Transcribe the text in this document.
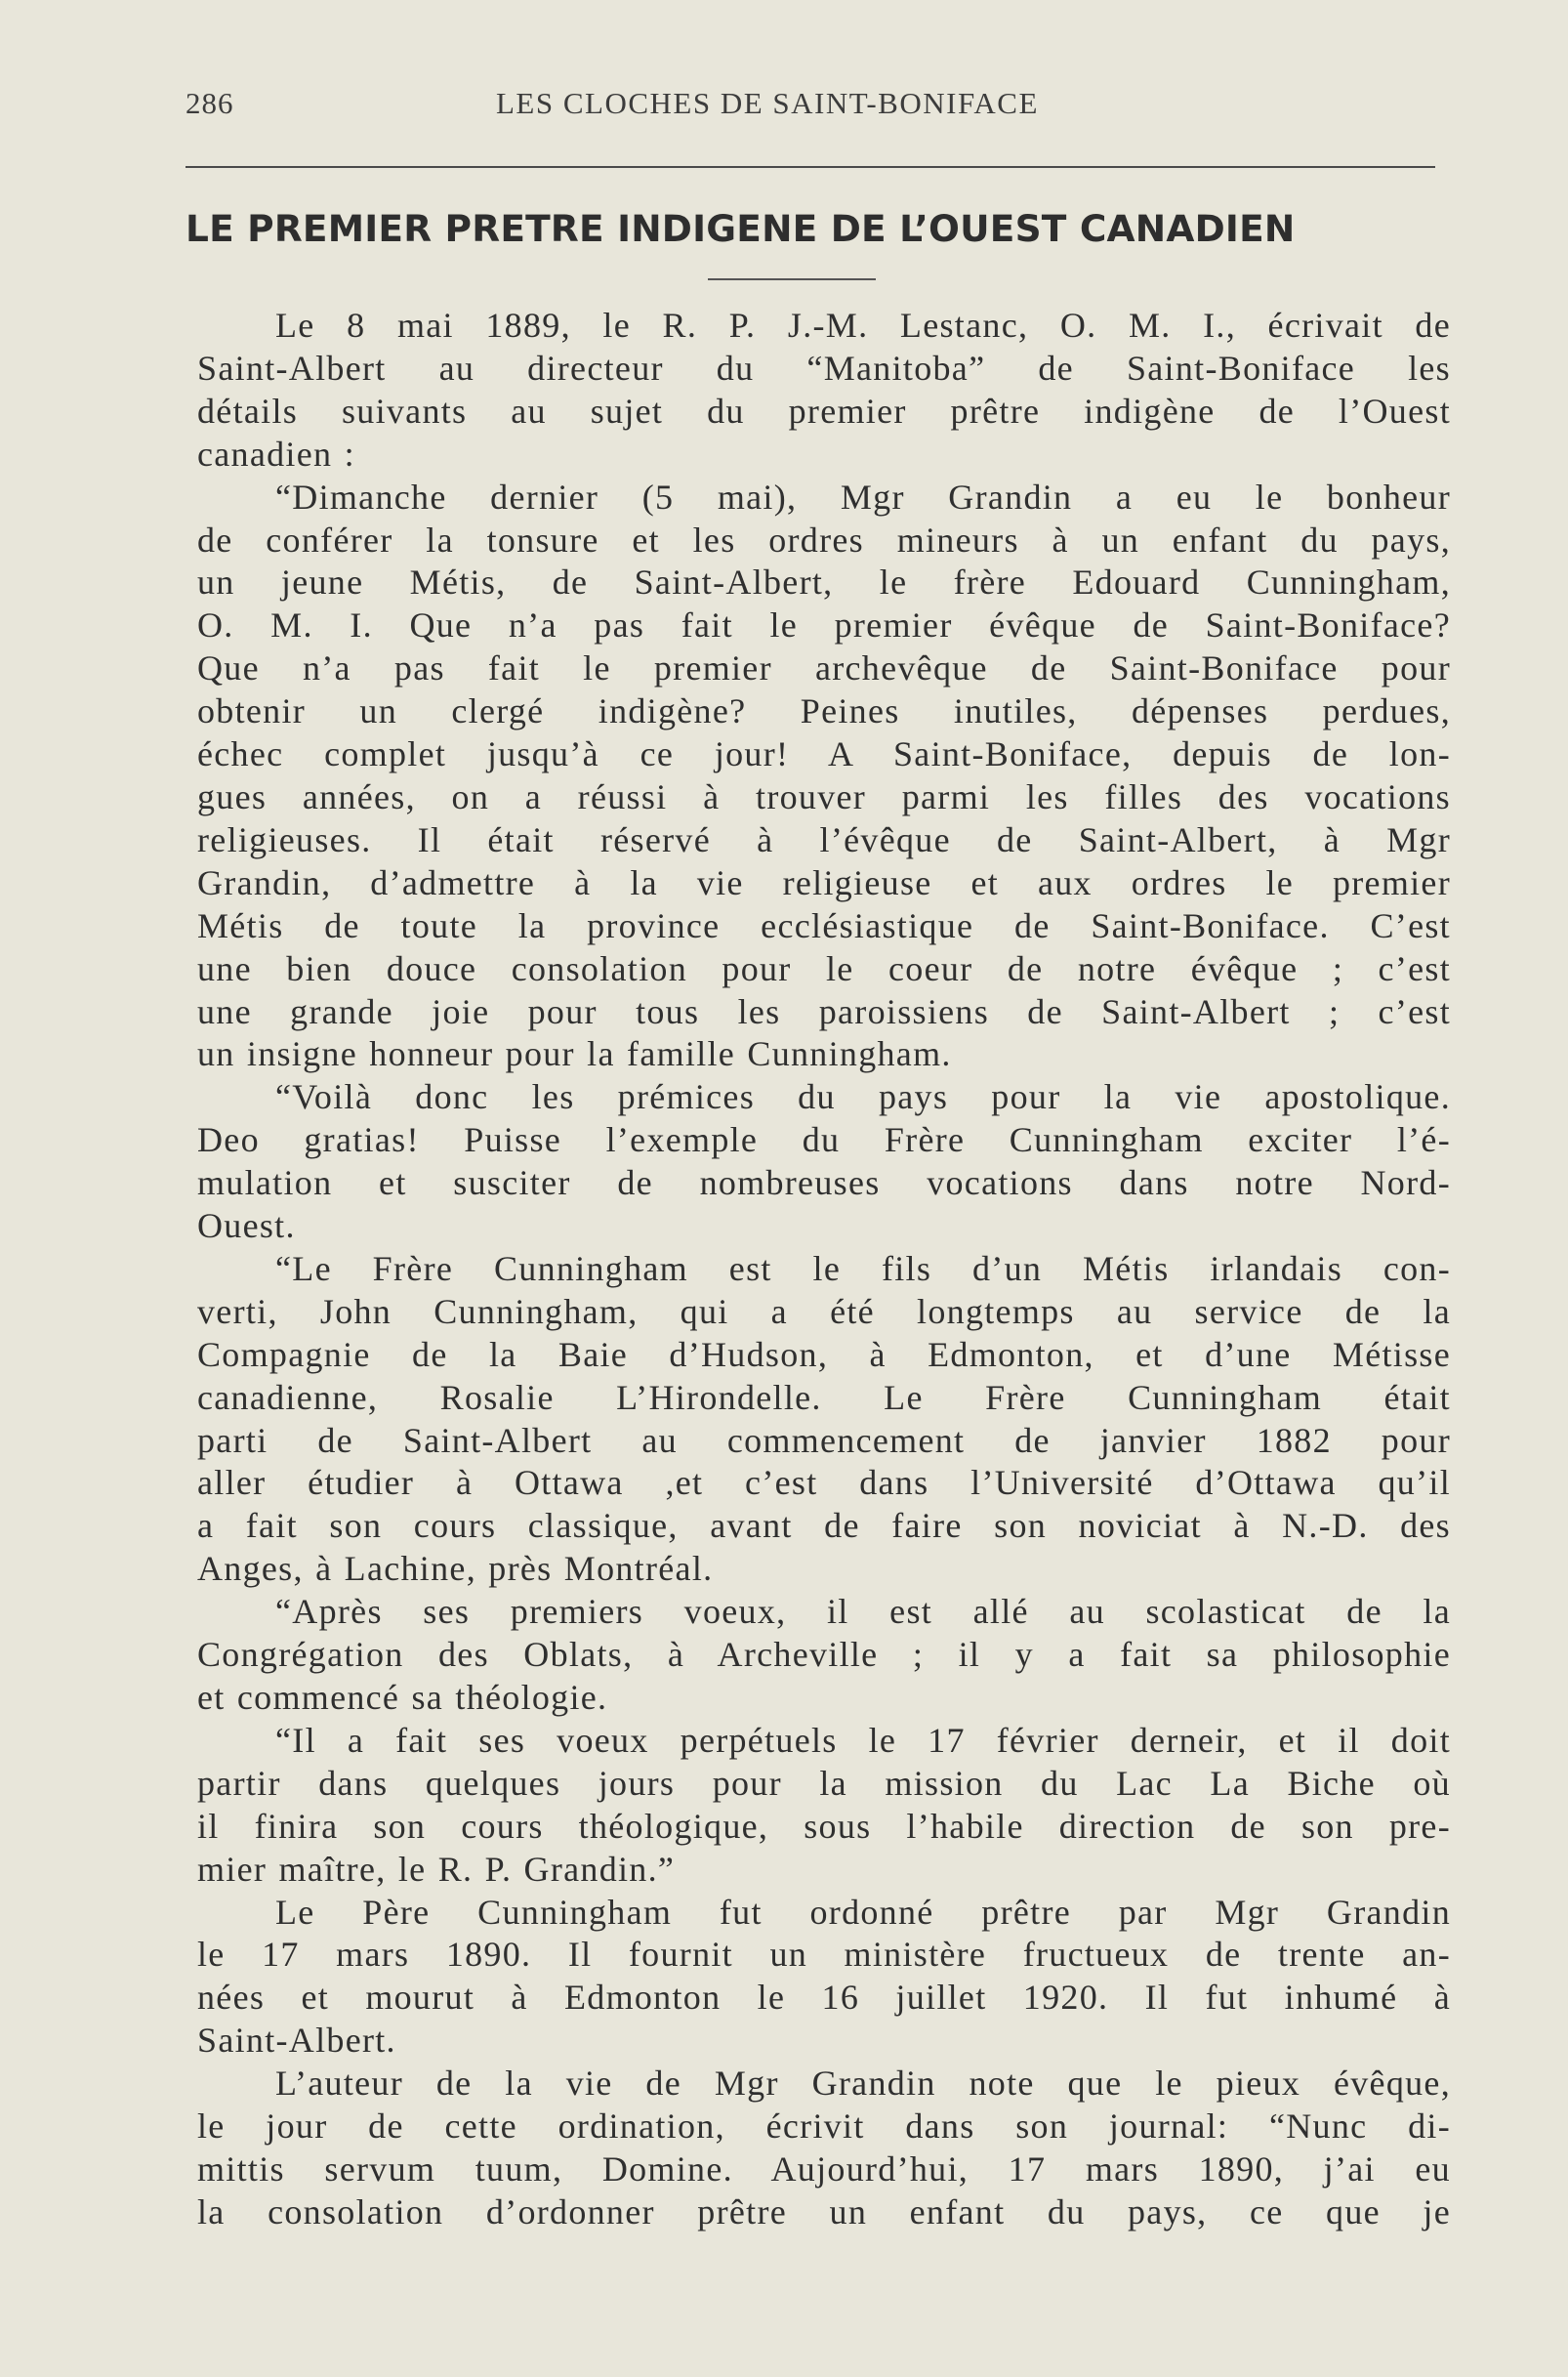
286	LES CLOCHES DE SAINT-BONIFACE
LE PREMIER PRETRE INDIGENE DE L’OUEST CANADIEN

Le 8 mai 1889, le R. P. J.-M. Lestanc, O. M. I., écrivait de
Saint-Albert au directeur du “Manitoba” de Saint-Boniface les
détails suivants au sujet du premier prêtre indigène de l’Ouest
canadien :

“Dimanche dernier (5 mai), Mgr Grandin a eu le bonheur
de conférer la tonsure et les ordres mineurs à un enfant du pays,
un jeune Métis, de Saint-Albert, le frère Edouard Cunningham,
O. M. I. Que n’a pas fait le premier évêque de Saint-Boniface?
Que n’a pas fait le premier archevêque de Saint-Boniface pour
obtenir un clergé indigène? Peines inutiles, dépenses perdues,
échec complet jusqu’à ce jour! A Saint-Boniface, depuis de lon-
gues années, on a réussi à trouver parmi les filles des vocations
religieuses. Il était réservé à l’évêque de Saint-Albert, à Mgr
Grandin, d’admettre à la vie religieuse et aux ordres le premier
Métis de toute la province ecclésiastique de Saint-Boniface. C’est
une bien douce consolation pour le coeur de notre évêque ; c’est
une grande joie pour tous les paroissiens de Saint-Albert ; c’est
un insigne honneur pour la famille Cunningham.

“Voilà donc les prémices du pays pour la vie apostolique.
Deo gratias! Puisse l’exemple du Frère Cunningham exciter l’é-
mulation et susciter de nombreuses vocations dans notre Nord-
Ouest.

“Le Frère Cunningham est le fils d’un Métis irlandais con-
verti, John Cunningham, qui a été longtemps au service de la
Compagnie de la Baie d’Hudson, à Edmonton, et d’une Métisse
canadienne, Rosalie L’Hirondelle. Le Frère Cunningham était
parti de Saint-Albert au commencement de janvier 1882 pour
aller étudier à Ottawa ,et c’est dans l’Université d’Ottawa qu’il
a fait son cours classique, avant de faire son noviciat à N.-D. des
Anges, à Lachine, près Montréal.

“Après ses premiers voeux, il est allé au scolasticat de la
Congrégation des Oblats, à Archeville ; il y a fait sa philosophie
et commencé sa théologie.

“Il a fait ses voeux perpétuels le 17 février derneir, et il doit
partir dans quelques jours pour la mission du Lac La Biche où
il finira son cours théologique, sous l’habile direction de son pre-
mier maître, le R. P. Grandin.”

Le Père Cunningham fut ordonné prêtre par Mgr Grandin
le 17 mars 1890. Il fournit un ministère fructueux de trente an-
nées et mourut à Edmonton le 16 juillet 1920. Il fut inhumé à
Saint-Albert.

L’auteur de la vie de Mgr Grandin note que le pieux évêque,
le jour de cette ordination, écrivit dans son journal: “Nunc di-
mittis servum tuum, Domine. Aujourd’hui, 17 mars 1890, j’ai eu
la consolation d’ordonner prêtre un enfant du pays, ce que je
